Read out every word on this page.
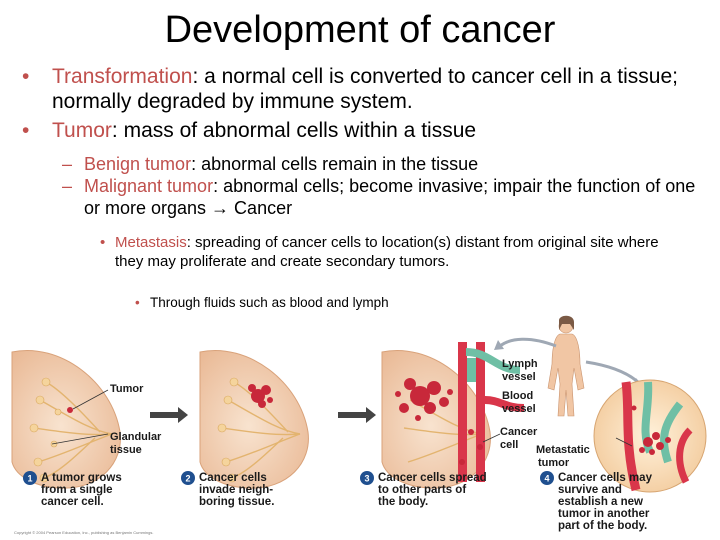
Development of cancer
• Transformation: a normal cell is converted to cancer cell in a tissue; normally degraded by immune system.
• Tumor: mass of abnormal cells within a tissue
– Benign tumor: abnormal cells remain in the tissue
– Malignant tumor: abnormal cells; become invasive; impair the function of one or more organs → Cancer
• Metastasis: spreading of cancer cells to location(s) distant from original site where they may proliferate and create secondary tumors.
• Through fluids such as blood and lymph
Tumor
Glandular
tissue
Lymph
vessel
Blood
vessel
Cancer
cell Metastatic
tumor
1 A tumor grows
from a single
cancer cell.
2 Cancer cells
invade neigh-
boring tissue.
3 Cancer cells spread
to other parts of
the body.
4 Cancer cells may
survive and
establish a new
tumor in another
part of the body.
Copyright © 2004 Pearson Education, Inc., publishing as Benjamin Cummings.
